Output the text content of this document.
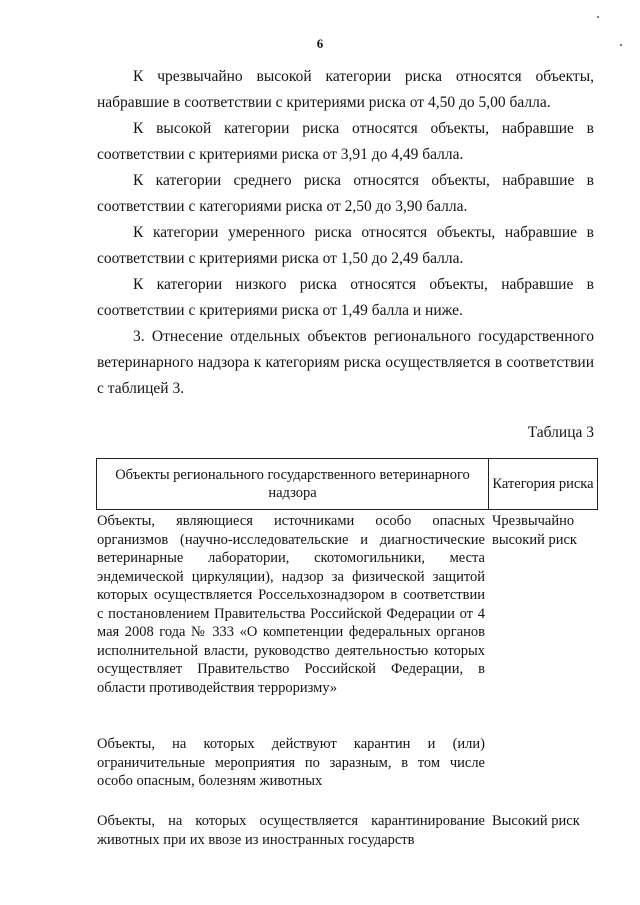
6

К чрезвычайно высокой категории риска относятся объекты, набравшие в соответствии с критериями риска от 4,50 до 5,00 балла.

К высокой категории риска относятся объекты, набравшие в соответствии с критериями риска от 3,91 до 4,49 балла.

К категории среднего риска относятся объекты, набравшие в соответствии с категориями риска от 2,50 до 3,90 балла.

К категории умеренного риска относятся объекты, набравшие в соответствии с критериями риска от 1,50 до 2,49 балла.

К категории низкого риска относятся объекты, набравшие в соответствии с критериями риска от 1,49 балла и ниже.

3. Отнесение отдельных объектов регионального государственного ветеринарного надзора к категориям риска осуществляется в соответствии с таблицей 3.

Таблица 3
Объекты регионального государственного ветеринарного надзора
Категория риска
Объекты, являющиеся источниками особо опасных организмов (научно-исследовательские и диагностические ветеринарные лаборатории, скотомогильники, места эндемической циркуляции), надзор за физической защитой которых осуществляется Россельхознадзором в соответствии с постановлением Правительства Российской Федерации от 4 мая 2008 года № 333 «О компетенции федеральных органов исполнительной власти, руководство деятельностью которых осуществляет Правительство Российской Федерации, в области противодействия терроризму»
Чрезвычайно высокий риск
Объекты, на которых действуют карантин и (или) ограничительные мероприятия по заразным, в том числе особо опасным, болезням животных
Объекты, на которых осуществляется карантинирование животных при их ввозе из иностранных государств
Высокий риск
